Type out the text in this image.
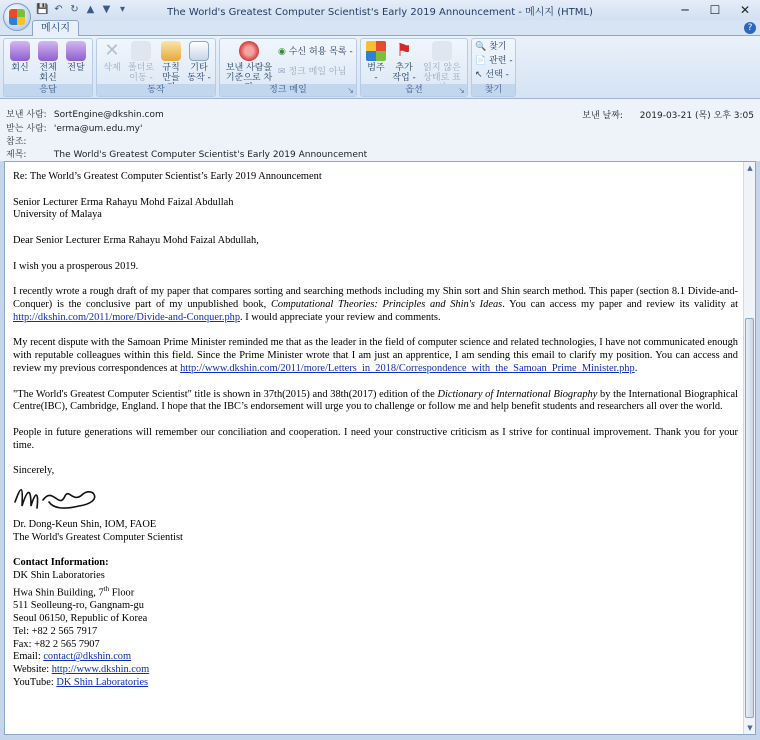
💾 ↶ ↻ ▲ ▼ ▾	The World's Greatest Computer Scientist's Early 2019 Announcement - 메시지 (HTML)	─	☐	✕
메시지	?
회신	전체
회신
전달
응답
✕
삭제 폴더로
이동 -
규칙
만들
기타
동작 -
동작
보낸 사람을
기준으로 차
◉ 수신 허용 목록 -
✉ 정크 메일 아님
정크 메일	↘
범주
-
⚑
추가
작업 -
읽지 않은
상태로 표
옵션	↘
🔍 찾기
📄 관련 -
↖ 선택 -
찾기
보낸 사람: SortEngine@dkshin.com
받는 사람: 'erma@um.edu.my'
참조:
제목:	The World's Greatest Computer Scientist's Early 2019 Announcement
보낸 날짜: 2019-03-21 (목) 오후 3:05

Re: The World’s Greatest Computer Scientist’s Early 2019 Announcement

Senior Lecturer Erma Rahayu Mohd Faizal Abdullah
University of Malaya

Dear Senior Lecturer Erma Rahayu Mohd Faizal Abdullah,

I wish you a prosperous 2019.

I recently wrote a rough draft of my paper that compares sorting and searching methods including my Shin sort and Shin search method. This paper (section 8.1 Divide-and-Conquer) is the conclusive part of my unpublished book, Computational Theories: Principles and Shin's Ideas. You can access my paper and review its validity at http://dkshin.com/2011/more/Divide-and-Conquer.php. I would appreciate your review and comments.

My recent dispute with the Samoan Prime Minister reminded me that as the leader in the field of computer science and related technologies, I have not communicated enough with reputable colleagues within this field. Since the Prime Minister wrote that I am just an apprentice, I am sending this email to clarify my position. You can access and review my previous correspondences at http://www.dkshin.com/2011/more/Letters_in_2018/Correspondence_with_the_Samoan_Prime_Minister.php.

"The World's Greatest Computer Scientist" title is shown in 37th(2015) and 38th(2017) edition of the Dictionary of International Biography by the International Biographical Centre(IBC), Cambridge, England. I hope that the IBC’s endorsement will urge you to challenge or follow me and help benefit students and researchers all over the world.

People in future generations will remember our conciliation and cooperation. I need your constructive criticism as I strive for continual improvement. Thank you for your time.

Sincerely,
Dr. Dong-Keun Shin, IOM, FAOE
The World's Greatest Computer Scientist
Contact Information:
DK Shin Laboratories
Hwa Shin Building, 7th Floor
511 Seolleung-ro, Gangnam-gu
Seoul 06150, Republic of Korea
Tel: +82 2 565 7917
Fax: +82 2 565 7907
Email: contact@dkshin.com
Website: http://www.dkshin.com
YouTube: DK Shin Laboratories
▲
▼
